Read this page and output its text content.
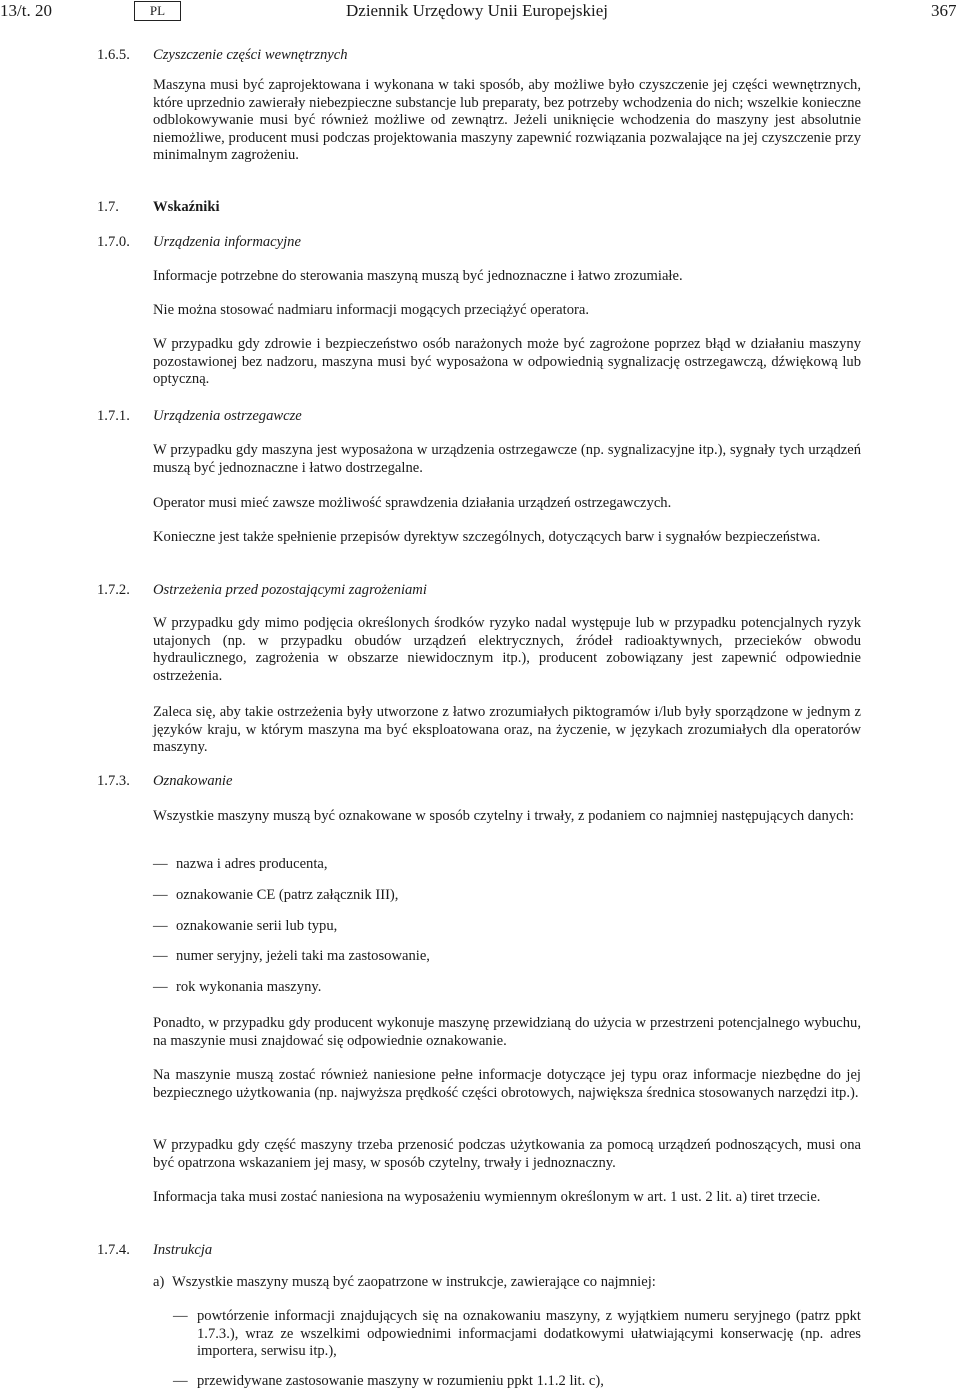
13/t. 20	PL	Dziennik Urzędowy Unii Europejskiej	367
1.6.5.	Czyszczenie części wewnętrznych

Maszyna musi być zaprojektowana i wykonana w taki sposób, aby możliwe było czyszczenie jej części wewnętrznych, które uprzednio zawierały niebezpieczne substancje lub preparaty, bez potrzeby wchodzenia do nich; wszelkie konieczne odblokowywanie musi być również możliwe od zewnątrz. Jeżeli uniknięcie wchodzenia do maszyny jest absolutnie niemożliwe, producent musi podczas projektowania maszyny zapewnić rozwiązania pozwalające na jej czyszczenie przy minimalnym zagrożeniu.

1.7.	Wskaźniki
1.7.0.	Urządzenia informacyjne

Informacje potrzebne do sterowania maszyną muszą być jednoznaczne i łatwo zrozumiałe.

Nie można stosować nadmiaru informacji mogących przeciążyć operatora.

W przypadku gdy zdrowie i bezpieczeństwo osób narażonych może być zagrożone poprzez błąd w działaniu maszyny pozostawionej bez nadzoru, maszyna musi być wyposażona w odpowiednią sygnalizację ostrzegawczą, dźwiękową lub optyczną.

1.7.1.	Urządzenia ostrzegawcze

W przypadku gdy maszyna jest wyposażona w urządzenia ostrzegawcze (np. sygnalizacyjne itp.), sygnały tych urządzeń muszą być jednoznaczne i łatwo dostrzegalne.

Operator musi mieć zawsze możliwość sprawdzenia działania urządzeń ostrzegawczych.

Konieczne jest także spełnienie przepisów dyrektyw szczególnych, dotyczących barw i sygnałów bezpieczeństwa.

1.7.2.	Ostrzeżenia przed pozostającymi zagrożeniami

W przypadku gdy mimo podjęcia określonych środków ryzyko nadal występuje lub w przypadku potencjalnych ryzyk utajonych (np. w przypadku obudów urządzeń elektrycznych, źródeł radioaktywnych, przecieków obwodu hydraulicznego, zagrożenia w obszarze niewidocznym itp.), producent zobowiązany jest zapewnić odpowiednie ostrzeżenia.

Zaleca się, aby takie ostrzeżenia były utworzone z łatwo zrozumiałych piktogramów i/lub były sporządzone w jednym z języków kraju, w którym maszyna ma być eksploatowana oraz, na życzenie, w językach zrozumiałych dla operatorów maszyny.

1.7.3.	Oznakowanie

Wszystkie maszyny muszą być oznakowane w sposób czytelny i trwały, z podaniem co najmniej następujących danych:

— nazwa i adres producenta,
— oznakowanie CE (patrz załącznik III),
— oznakowanie serii lub typu,
— numer seryjny, jeżeli taki ma zastosowanie,
— rok wykonania maszyny.

Ponadto, w przypadku gdy producent wykonuje maszynę przewidzianą do użycia w przestrzeni potencjalnego wybuchu, na maszynie musi znajdować się odpowiednie oznakowanie.

Na maszynie muszą zostać również naniesione pełne informacje dotyczące jej typu oraz informacje niezbędne do jej bezpiecznego użytkowania (np. najwyższa prędkość części obrotowych, największa średnica stosowanych narzędzi itp.).

W przypadku gdy część maszyny trzeba przenosić podczas użytkowania za pomocą urządzeń podnoszących, musi ona być opatrzona wskazaniem jej masy, w sposób czytelny, trwały i jednoznaczny.

Informacja taka musi zostać naniesiona na wyposażeniu wymiennym określonym w art. 1 ust. 2 lit. a) tiret trzecie.

1.7.4.	Instrukcja
a) Wszystkie maszyny muszą być zaopatrzone w instrukcje, zawierające co najmniej:
— powtórzenie informacji znajdujących się na oznakowaniu maszyny, z wyjątkiem numeru seryjnego (patrz ppkt 1.7.3.), wraz ze wszelkimi odpowiednimi informacjami dodatkowymi ułatwiającymi konserwację (np. adres importera, serwisu itp.),
— przewidywane zastosowanie maszyny w rozumieniu ppkt 1.1.2 lit. c),
